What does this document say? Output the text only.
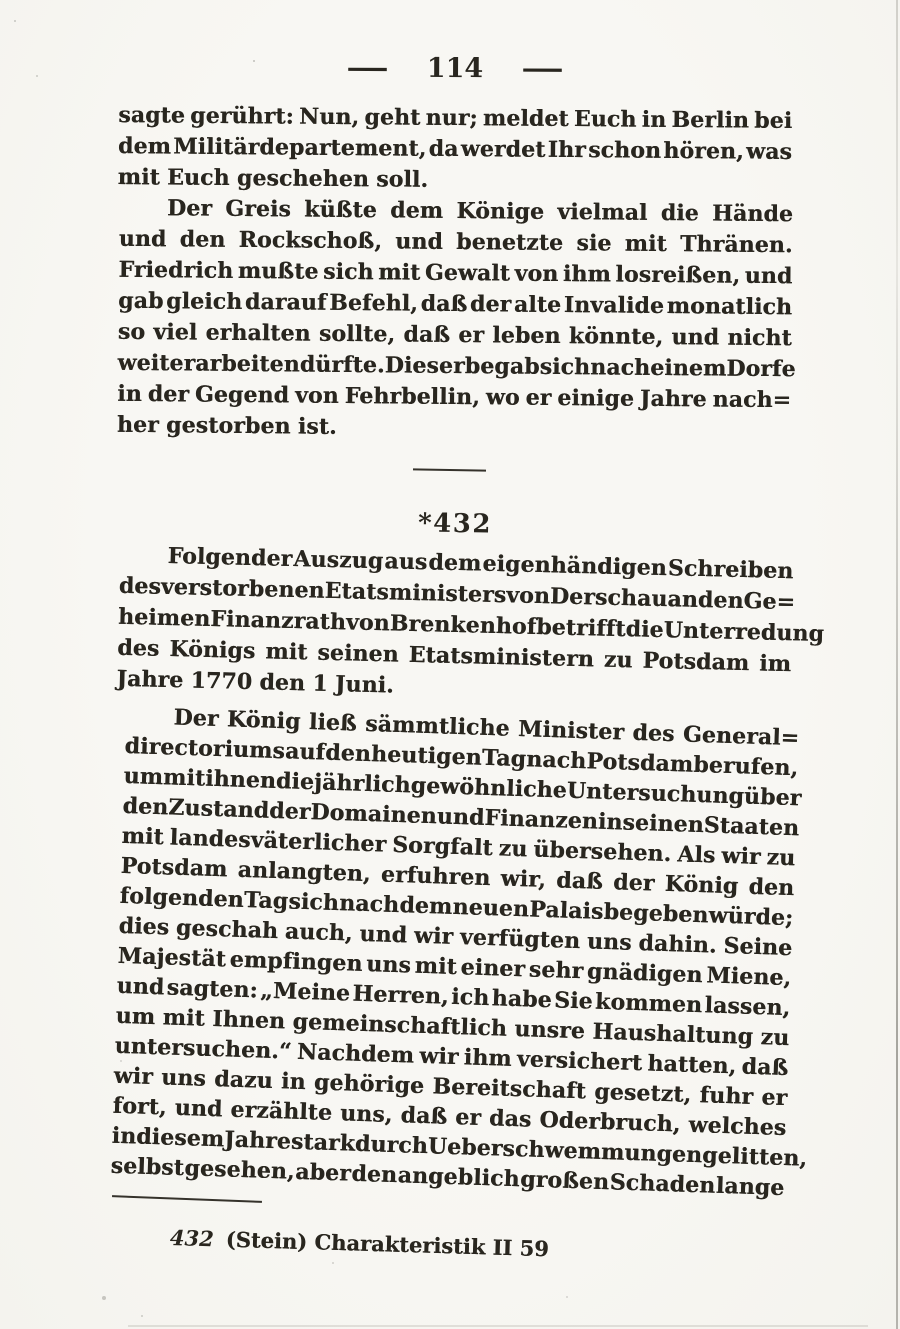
— 114 —
sagte gerührt: Nun, geht nur; meldet Euch in Berlin bei
dem Militärdepartement, da werdet Ihr schon hören, was
mit Euch geschehen soll.
Der Greis küßte dem Könige vielmal die Hände
und den Rockschoß, und benetzte sie mit Thränen.
Friedrich mußte sich mit Gewalt von ihm losreißen, und
gab gleich darauf Befehl, daß der alte Invalide monatlich
so viel erhalten sollte, daß er leben könnte, und nicht
weiter arbeiten dürfte. Dieser begab sich nach einem Dorfe
in der Gegend von Fehrbellin, wo er einige Jahre nach=
her gestorben ist.
*432
Folgender Auszug aus dem eigenhändigen Schreiben
des verstorbenen Etatsministers von Derschau an den Ge=
heimen Finanzrath von Brenkenhof betrifft die Unterredung
des Königs mit seinen Etatsministern zu Potsdam im
Jahre 1770 den 1 Juni.
Der König ließ sämmtliche Minister des General=
directoriums auf den heutigen Tag nach Potsdam berufen,
um mit ihnen die jährlich gewöhnliche Untersuchung über
den Zustand der Domainen und Finanzen in seinen Staaten
mit landesväterlicher Sorgfalt zu übersehen. Als wir zu
Potsdam anlangten, erfuhren wir, daß der König den
folgenden Tag sich nach dem neuen Palais begeben würde;
dies geschah auch, und wir verfügten uns dahin. Seine
Majestät empfingen uns mit einer sehr gnädigen Miene,
und sagten: „Meine Herren, ich habe Sie kommen lassen,
um mit Ihnen gemeinschaftlich unsre Haushaltung zu
untersuchen.“ Nachdem wir ihm versichert hatten, daß
wir uns dazu in gehörige Bereitschaft gesetzt, fuhr er
fort, und erzählte uns, daß er das Oderbruch, welches
in diesem Jahre stark durch Ueberschwemmungen gelitten,
selbst gesehen, aber den angeblich großen Schaden lange
432 (Stein) Charakteristik II 59
